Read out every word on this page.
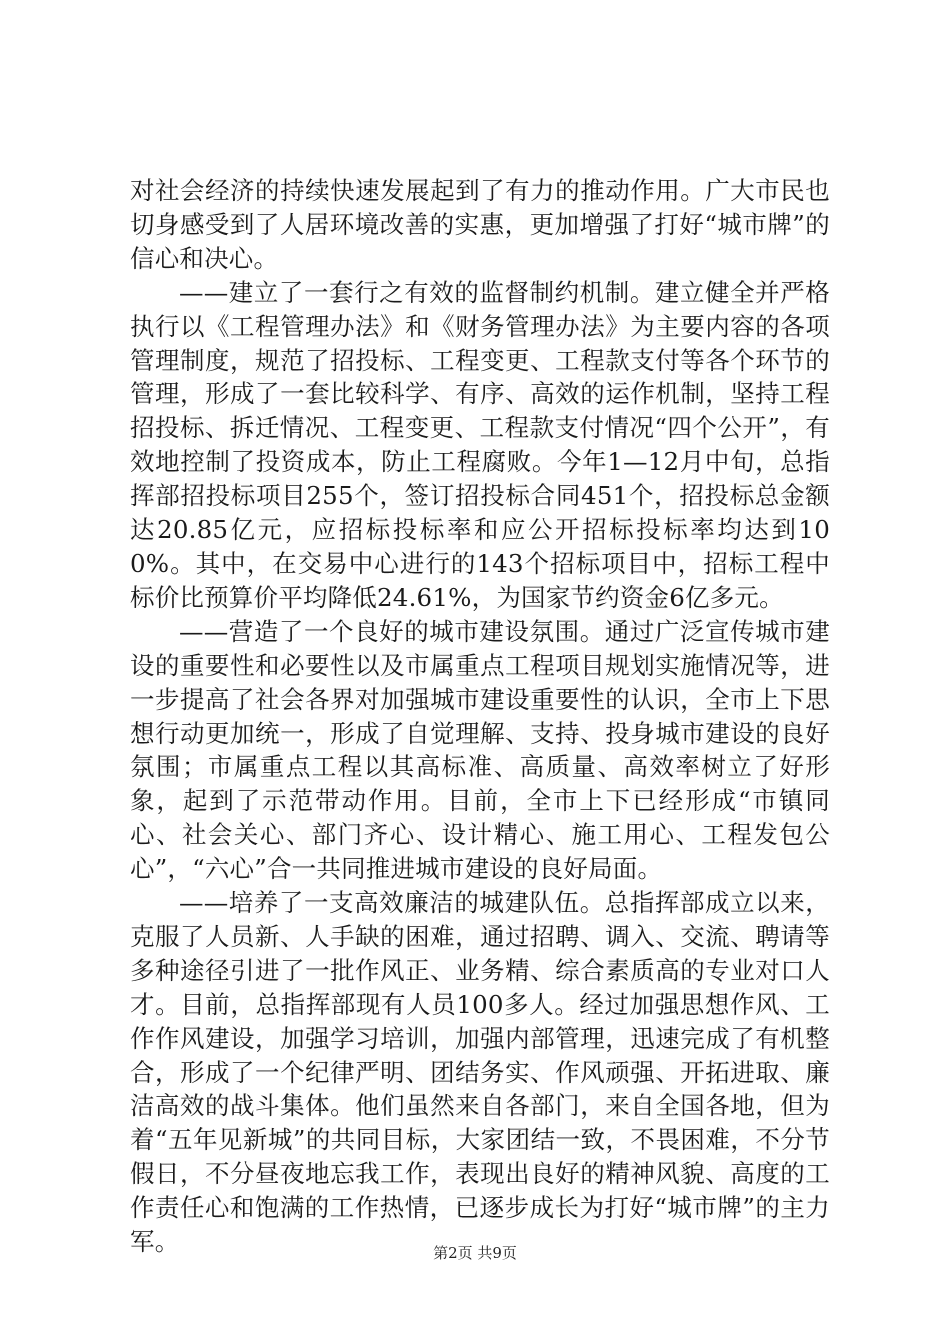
对社会经济的持续快速发展起到了有力的推动作用。广大市民也切身感受到了人居环境改善的实惠，更加增强了打好“城市牌”的信心和决心。

——建立了一套行之有效的监督制约机制。建立健全并严格执行以《工程管理办法》和《财务管理办法》为主要内容的各项管理制度，规范了招投标、工程变更、工程款支付等各个环节的管理，形成了一套比较科学、有序、高效的运作机制，坚持工程招投标、拆迁情况、工程变更、工程款支付情况“四个公开”，有效地控制了投资成本，防止工程腐败。今年1—12月中旬，总指挥部招投标项目255个，签订招投标合同451个，招投标总金额达20.85亿元，应招标投标率和应公开招标投标率均达到100%。其中，在交易中心进行的143个招标项目中，招标工程中标价比预算价平均降低24.61%，为国家节约资金6亿多元。

——营造了一个良好的城市建设氛围。通过广泛宣传城市建设的重要性和必要性以及市属重点工程项目规划实施情况等，进一步提高了社会各界对加强城市建设重要性的认识，全市上下思想行动更加统一，形成了自觉理解、支持、投身城市建设的良好氛围；市属重点工程以其高标准、高质量、高效率树立了好形象，起到了示范带动作用。目前，全市上下已经形成“市镇同心、社会关心、部门齐心、设计精心、施工用心、工程发包公心”，“六心”合一共同推进城市建设的良好局面。

——培养了一支高效廉洁的城建队伍。总指挥部成立以来，克服了人员新、人手缺的困难，通过招聘、调入、交流、聘请等多种途径引进了一批作风正、业务精、综合素质高的专业对口人才。目前，总指挥部现有人员100多人。经过加强思想作风、工作作风建设，加强学习培训，加强内部管理，迅速完成了有机整合，形成了一个纪律严明、团结务实、作风顽强、开拓进取、廉洁高效的战斗集体。他们虽然来自各部门，来自全国各地，但为着“五年见新城”的共同目标，大家团结一致，不畏困难，不分节假日，不分昼夜地忘我工作，表现出良好的精神风貌、高度的工作责任心和饱满的工作热情，已逐步成长为打好“城市牌”的主力军。	第2页 共9页
